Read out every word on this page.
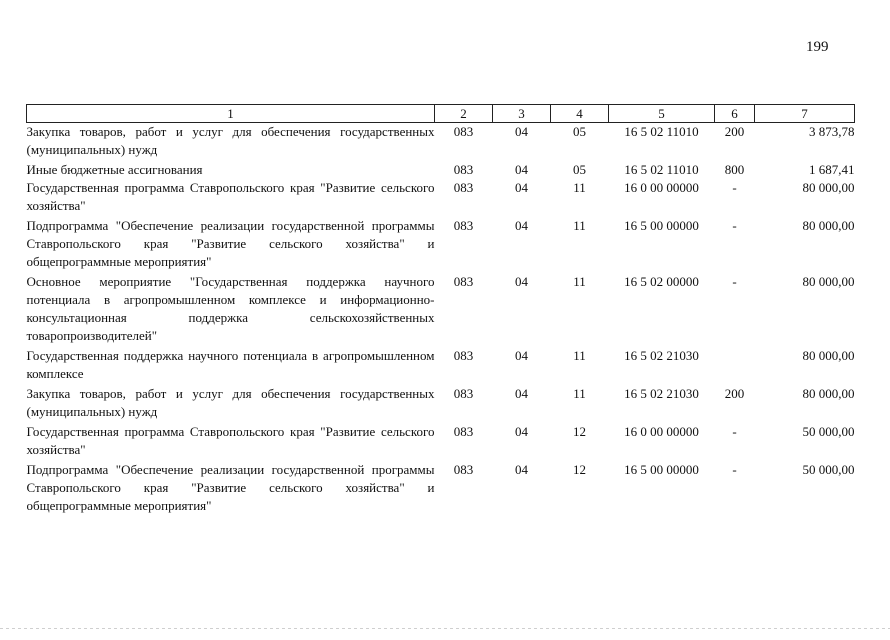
199
1	2	3	4	5	6	7
Закупка товаров, работ и услуг для обеспечения государственных (муниципальных) нужд	083	04	05	16 5 02 11010	200	3 873,78
Иные бюджетные ассигнования	083	04	05	16 5 02 11010	800	1 687,41
Государственная программа Ставропольского края "Развитие сельского хозяйства"	083	04	11	16 0 00 00000	-	80 000,00
Подпрограмма "Обеспечение реализации государственной программы Ставропольского края "Развитие сельского хозяйства" и общепрограммные мероприятия"	083	04	11	16 5 00 00000	-	80 000,00
Основное мероприятие "Государственная поддержка научного потенциала в агропромышленном комплексе и информационно-консультационная поддержка сельскохозяйственных товаропроизводителей"	083	04	11	16 5 02 00000	-	80 000,00
Государственная поддержка научного потенциала в агропромышленном комплексе	083	04	11	16 5 02 21030		80 000,00
Закупка товаров, работ и услуг для обеспечения государственных (муниципальных) нужд	083	04	11	16 5 02 21030	200	80 000,00
Государственная программа Ставропольского края "Развитие сельского хозяйства"	083	04	12	16 0 00 00000	-	50 000,00
Подпрограмма "Обеспечение реализации государственной программы Ставропольского края "Развитие сельского хозяйства" и общепрограммные мероприятия"	083	04	12	16 5 00 00000	-	50 000,00
